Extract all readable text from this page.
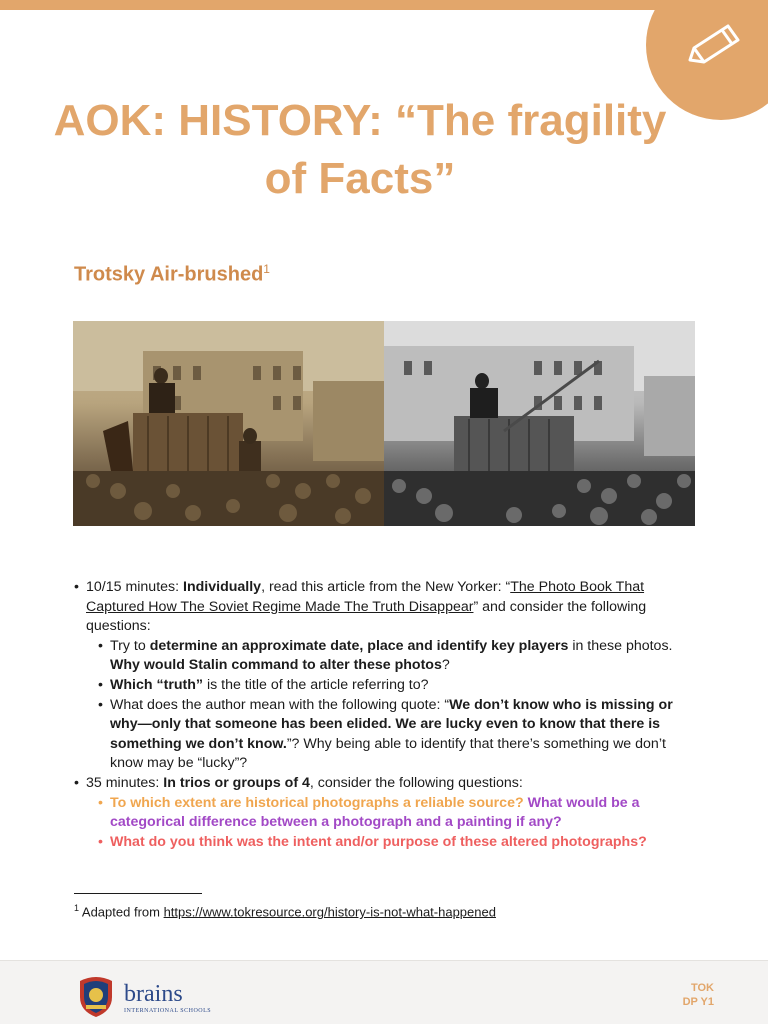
AOK: HISTORY: “The fragility
of Facts”
Trotsky Air-brushed$^1$
• 10/15 minutes: Individually, read this article from the New Yorker: “The Photo Book That Captured How The Soviet Regime Made The Truth Disappear” and consider the following questions:
• Try to determine an approximate date, place and identify key players in these photos. Why would Stalin command to alter these photos?
• Which “truth” is the title of the article referring to?
• What does the author mean with the following quote: “We don’t know who is missing or why—only that someone has been elided. We are lucky even to know that there is something we don’t know.”? Why being able to identify that there’s something we don’t know may be “lucky”?
• 35 minutes: In trios or groups of 4, consider the following questions:
• To which extent are historical photographs a reliable source? What would be a categorical difference between a photograph and a painting if any?
• What do you think was the intent and/or purpose of these altered photographs?
$^1$ Adapted from https://www.tokresource.org/history-is-not-what-happened
brains
INTERNATIONAL SCHOOLS
TOK
DP Y1
